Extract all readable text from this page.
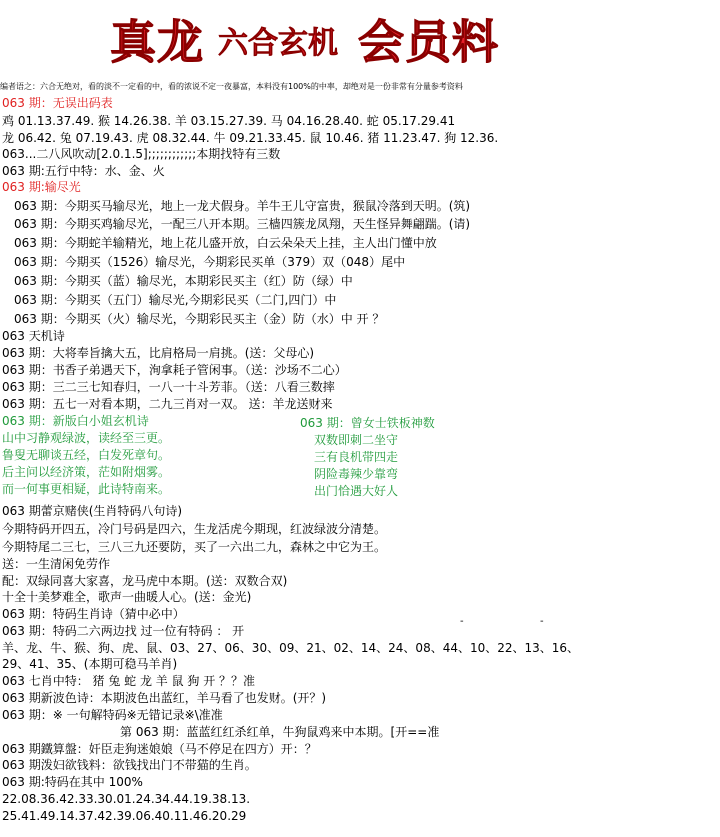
真龙 六合玄机 会员料
编者语之：六合无绝对，看的淡不一定看的中，看的浓说不定一夜暴富，本料没有100%的中率，却绝对是一份非常有分量参考资料
063 期：无误出码表
鸡 01.13.37.49. 猴 14.26.38. 羊 03.15.27.39. 马 04.16.28.40. 蛇 05.17.29.41
龙 06.42. 兔 07.19.43. 虎 08.32.44. 牛 09.21.33.45. 鼠 10.46. 猪 11.23.47. 狗 12.36.
063...二八风吹动[2.0.1.5];;;;;;;;;;;;本期找特有三数
063 期:五行中特：水、金、火
063 期:输尽光
063 期：今期买马输尽光，地上一龙犬假身。羊牛王儿守富贵，猴鼠冷落到天明。(筑)
063 期：今期买鸡输尽光，一配三八开本期。三樯四簇龙凤翔，天生怪异舞翩踹。(请)
063 期：今期蛇羊输精光，地上花儿盛开放，白云朵朵天上挂，主人出门懂中放
063 期：今期买（1526）输尽光，今期彩民买单（379）双（048）尾中
063 期：今期买（蓝）输尽光，本期彩民买主（红）防（绿）中
063 期：今期买（五门）输尽光,今期彩民买（二门,四门）中
063 期：今期买（火）输尽光，今期彩民买主（金）防（水）中 开 ？
063 天机诗
063 期：大将奉旨擒大五，比肩格局一肩挑。(送：父母心)
063 期：书香子弟遇天下，洵拿耗子管闲事。（送：沙场不二心）
063 期：三二三七知春归，一八一十斗芳菲。（送：八看三数摔
063 期：五七一对看本期，二九三肖对一双。 送：羊龙送财来
063 期：新版白小姐玄机诗
山中习静观绿波，读经至三更。
鲁叟无聊谈五经，白发死章句。
后主问以经济策，茫如附烟雾。
而一何事更相疑，此诗特南来。
063 期：曾女士铁板神数
双数即刺二坐守
三有良机带四走
阴险毒辣少靠弯
出门恰遇大好人
063 期蕾京赌侠(生肖特码八句诗)
今期特码开四五，冷门号码是四六，生龙活虎今期现，红波绿波分清楚。
今期特尾二三七，三八三九还要防，买了一六出二九，森林之中它为王。
送：一生清闲免劳作
配：双绿同喜大家喜，龙马虎中本期。(送：双数合双)
十全十美梦难全，歌声一曲暖人心。(送：金光)
063 期：特码生肖诗（猜中必中）
063 期：特码二六两边找 过一位有特码 ： 开
羊、龙、牛、猴、狗、虎、鼠、03、27、06、30、09、21、02、14、24、08、44、10、22、13、16、
29、41、35、(本期可稳马羊肖)
063 七肖中特： 猪 兔 蛇 龙 羊 鼠 狗 开 ？？准
063 期新波色诗：本期波色出蓝红，羊马看了也发财。(开？)
063 期：※ 一句解特码※无错记录※\准准
第 063 期：蓝蓝红红杀红单，牛狗鼠鸡来中本期。[开==准
063 期鐵算盤：奸臣走狗迷娘娘（马不停足在四方）开：？
063 期泼妇欲钱料：欲钱找出门不带猫的生肖。
063 期:特码在其中 100%
22.08.36.42.33.30.01.24.34.44.19.38.13.
25.41.49.14.37.42.39.06.40.11.46.20.29
-	-
